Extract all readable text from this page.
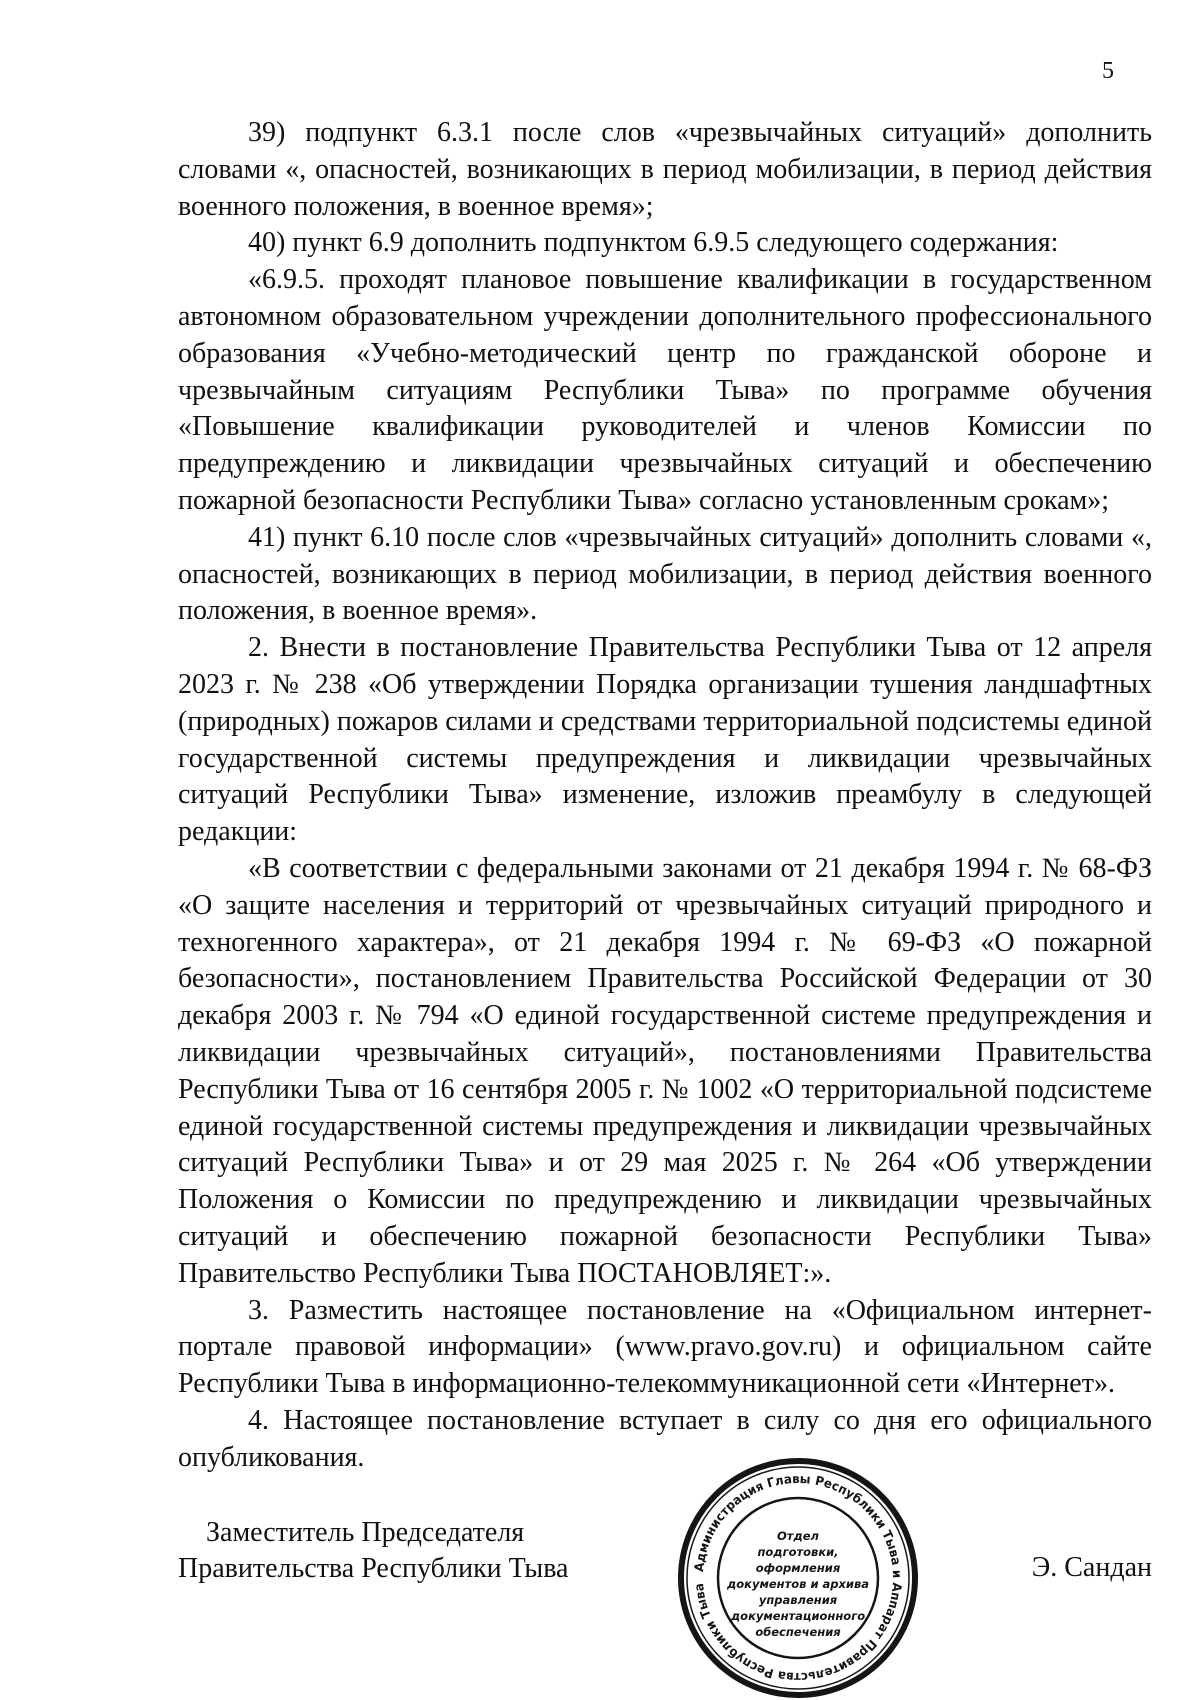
5

39) подпункт 6.3.1 после слов «чрезвычайных ситуаций» дополнить словами «, опасностей, возникающих в период мобилизации, в период действия военного положения, в военное время»;

40) пункт 6.9 дополнить подпунктом 6.9.5 следующего содержания:

«6.9.5. проходят плановое повышение квалификации в государственном автономном образовательном учреждении дополнительного профессионального образования «Учебно-методический центр по гражданской обороне и чрезвычайным ситуациям Республики Тыва» по программе обучения «Повышение квалификации руководителей и членов Комиссии по предупреждению и ликвидации чрезвычайных ситуаций и обеспечению пожарной безопасности Республики Тыва» согласно установленным срокам»;

41) пункт 6.10 после слов «чрезвычайных ситуаций» дополнить словами «, опасностей, возникающих в период мобилизации, в период действия военного положения, в военное время».

2. Внести в постановление Правительства Республики Тыва от 12 апреля 2023 г. № 238 «Об утверждении Порядка организации тушения ландшафтных (природных) пожаров силами и средствами территориальной подсистемы единой государственной системы предупреждения и ликвидации чрезвычайных ситуаций Республики Тыва» изменение, изложив преамбулу в следующей редакции:

«В соответствии с федеральными законами от 21 декабря 1994 г. № 68-ФЗ «О защите населения и территорий от чрезвычайных ситуаций природного и техногенного характера», от 21 декабря 1994 г. № 69-ФЗ «О пожарной безопасности», постановлением Правительства Российской Федерации от 30 декабря 2003 г. № 794 «О единой государственной системе предупреждения и ликвидации чрезвычайных ситуаций», постановлениями Правительства Республики Тыва от 16 сентября 2005 г. № 1002 «О территориальной подсистеме единой государственной системы предупреждения и ликвидации чрезвычайных ситуаций Республики Тыва» и от 29 мая 2025 г. № 264 «Об утверждении Положения о Комиссии по предупреждению и ликвидации чрезвычайных ситуаций и обеспечению пожарной безопасности Республики Тыва» Правительство Республики Тыва ПОСТАНОВЛЯЕТ:».

3. Разместить настоящее постановление на «Официальном интернет-портале правовой информации» (www.pravo.gov.ru) и официальном сайте Республики Тыва в информационно-телекоммуникационной сети «Интернет».

4. Настоящее постановление вступает в силу со дня его официального опубликования.

Заместитель Председателя
Правительства Республики Тыва	Э. Сандан
Администрация Главы Республики Тыва и Аппарат Правительства Республики Тыва
Отдел
подготовки,
оформления
документов и архива
управления
документационного
обеспечения
